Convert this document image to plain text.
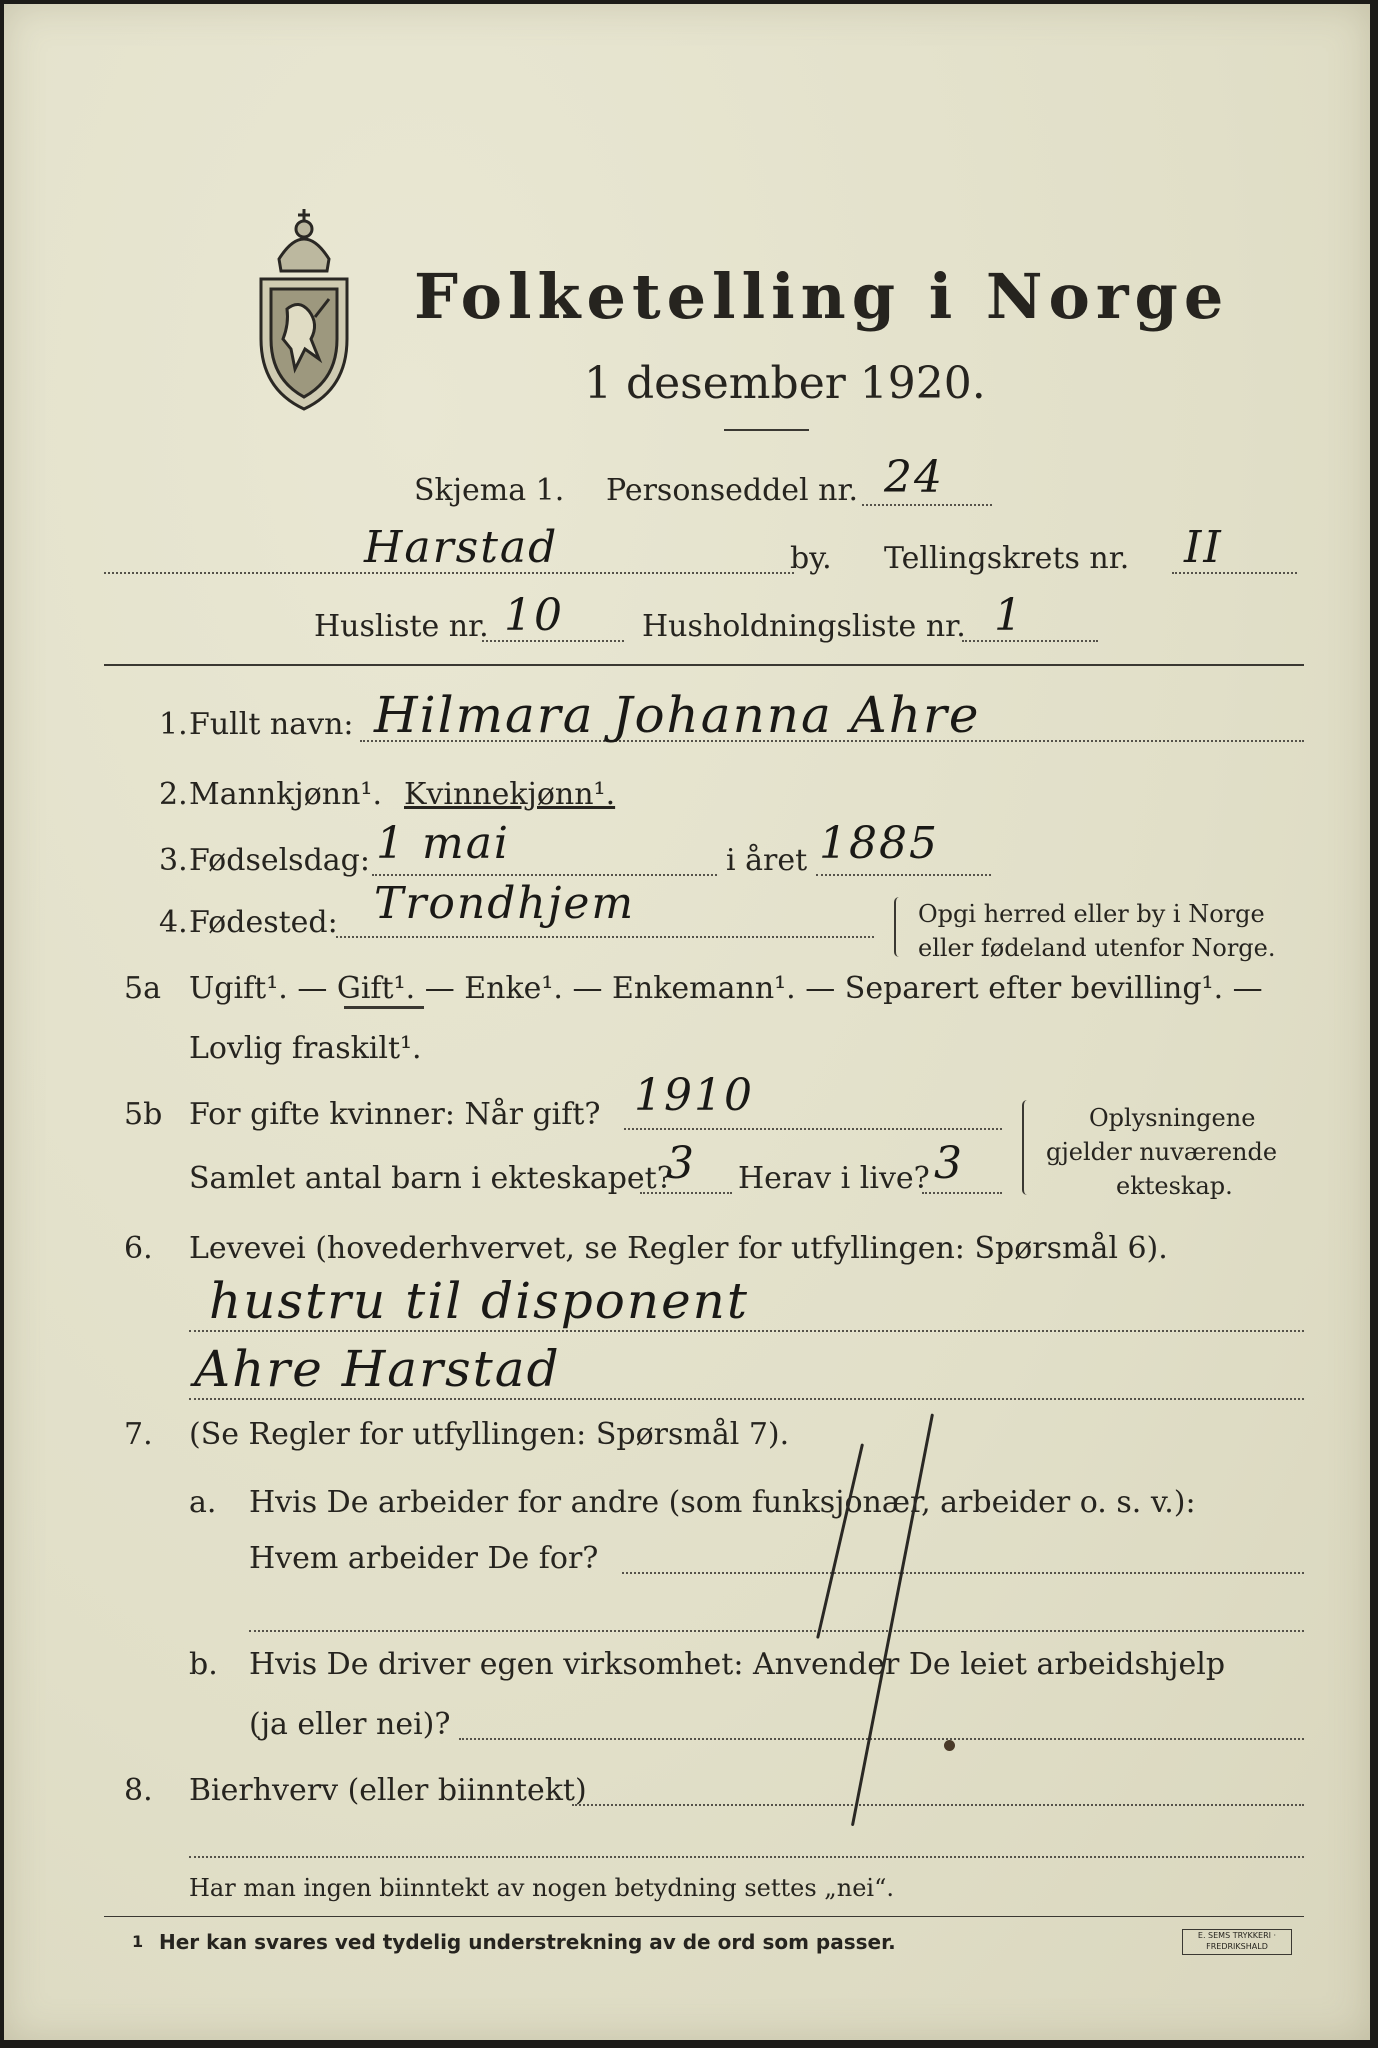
Folketelling i Norge
1 desember 1920.
Skjema 1. Personseddel nr. 24
Harstad	by. Tellingskrets nr. II
Husliste nr. 10	Husholdningsliste nr. 1
1. Fullt navn: Hilmara Johanna Ahre
2. Mannkjønn¹. Kvinnekjønn¹.
3. Fødselsdag: 1 mai	i året 1885
4. Fødested: Trondhjem	Opgi herred eller by i Norge
eller fødeland utenfor Norge.
5a Ugift¹. — Gift¹. — Enke¹. — Enkemann¹. — Separert efter bevilling¹. —
Lovlig fraskilt¹.
5b For gifte kvinner: Når gift? 1910
Samlet antal barn i ekteskapet?
3 Herav i live? 3
Oplysningene
gjelder nuværende
ekteskap.
6. Levevei (hovederhvervet, se Regler for utfyllingen: Spørsmål 6).
hustru til disponent
Ahre Harstad
7. (Se Regler for utfyllingen: Spørsmål 7).
a. Hvis De arbeider for andre (som funksjonær, arbeider o. s. v.):
Hvem arbeider De for?
b. Hvis De driver egen virksomhet: Anvender De leiet arbeidshjelp
(ja eller nei)?
8. Bierhverv (eller biinntekt)
Har man ingen biinntekt av nogen betydning settes „nei“.
1 Her kan svares ved tydelig understrekning av de ord som passer.	E. SEMS TRYKKERI · FREDRIKSHALD
